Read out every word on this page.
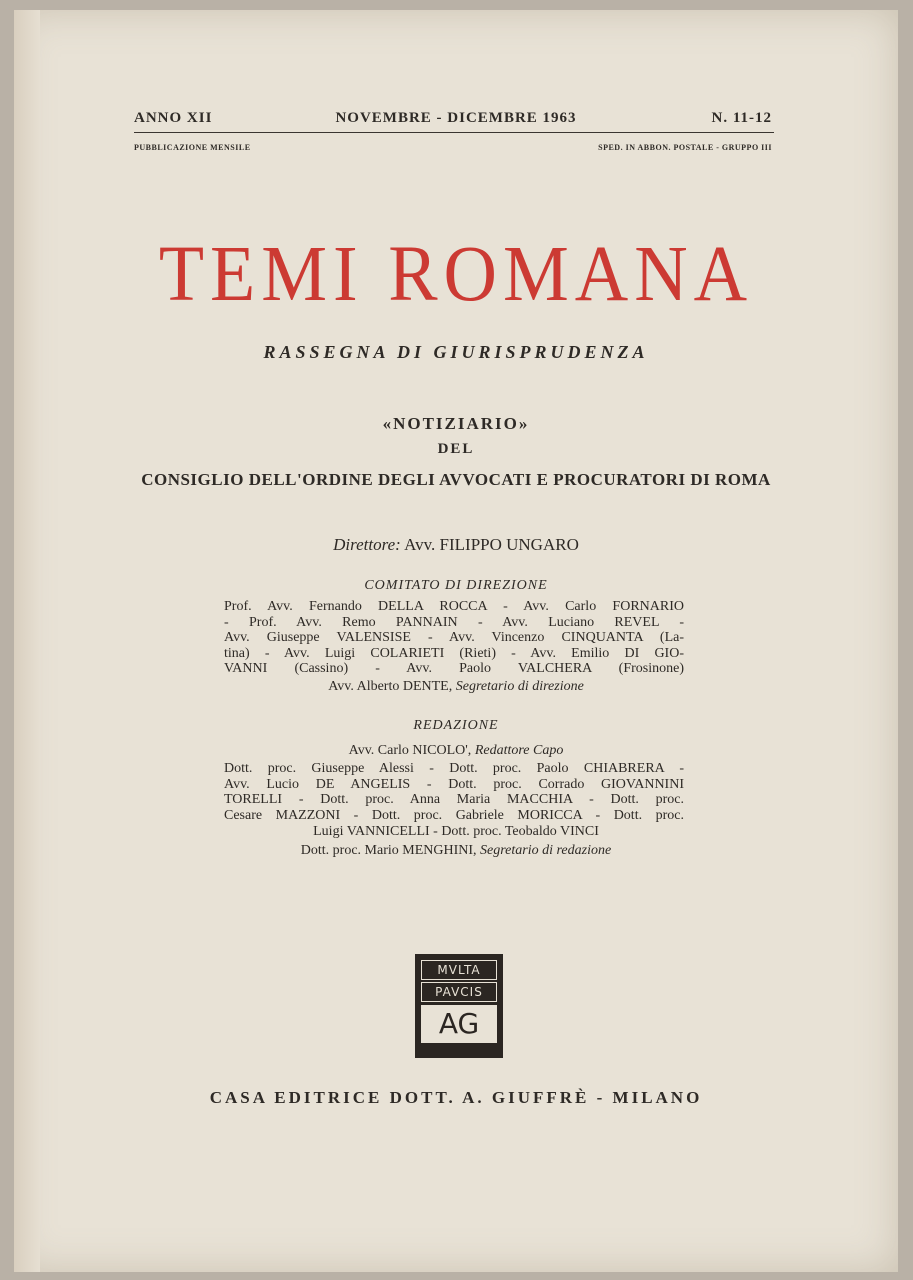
ANNO XII	NOVEMBRE - DICEMBRE 1963	N. 11-12
PUBBLICAZIONE MENSILE	SPED. IN ABBON. POSTALE - GRUPPO III
TEMI ROMANA
RASSEGNA DI GIURISPRUDENZA
«NOTIZIARIO»
DEL
CONSIGLIO DELL'ORDINE DEGLI AVVOCATI E PROCURATORI DI ROMA
Direttore: Avv. FILIPPO UNGARO
COMITATO DI DIREZIONE

Prof. Avv. Fernando DELLA ROCCA - Avv. Carlo FORNARIO

- Prof. Avv. Remo PANNAIN - Avv. Luciano REVEL -

Avv. Giuseppe VALENSISE - Avv. Vincenzo CINQUANTA (La-

tina) - Avv. Luigi COLARIETI (Rieti) - Avv. Emilio DI GIO-

VANNI (Cassino) - Avv. Paolo VALCHERA (Frosinone)

Avv. Alberto DENTE, Segretario di direzione
REDAZIONE
Avv. Carlo NICOLO', Redattore Capo

Dott. proc. Giuseppe Alessi - Dott. proc. Paolo CHIABRERA -

Avv. Lucio DE ANGELIS - Dott. proc. Corrado GIOVANNINI

TORELLI - Dott. proc. Anna Maria MACCHIA - Dott. proc.

Cesare MAZZONI - Dott. proc. Gabriele MORICCA - Dott. proc.

Luigi VANNICELLI - Dott. proc. Teobaldo VINCI
Dott. proc. Mario MENGHINI, Segretario di redazione
MVLTA
PAVCIS
AG
CASA EDITRICE DOTT. A. GIUFFRÈ - MILANO
